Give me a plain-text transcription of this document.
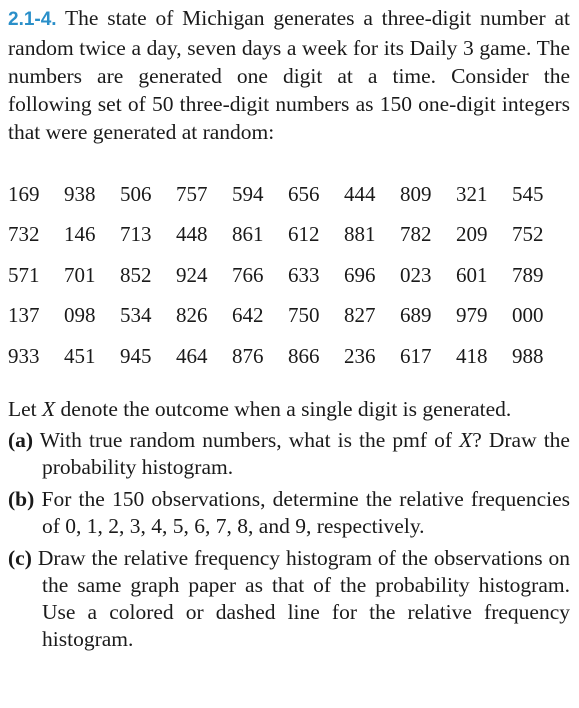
2.1-4. The state of Michigan generates a three-digit number at random twice a day, seven days a week for its Daily 3 game. The numbers are generated one digit at a time. Consider the following set of 50 three-digit numbers as 150 one-digit integers that were generated at random:

169	938	506	757	594	656	444	809	321	545
732	146	713	448	861	612	881	782	209	752
571	701	852	924	766	633	696	023	601	789
137	098	534	826	642	750	827	689	979	000
933	451	945	464	876	866	236	617	418	988

Let X denote the outcome when a single digit is generated.

(a) With true random numbers, what is the pmf of X? Draw the probability histogram.

(b) For the 150 observations, determine the relative frequencies of 0, 1, 2, 3, 4, 5, 6, 7, 8, and 9, respectively.

(c) Draw the relative frequency histogram of the observations on the same graph paper as that of the probability histogram. Use a colored or dashed line for the relative frequency histogram.
